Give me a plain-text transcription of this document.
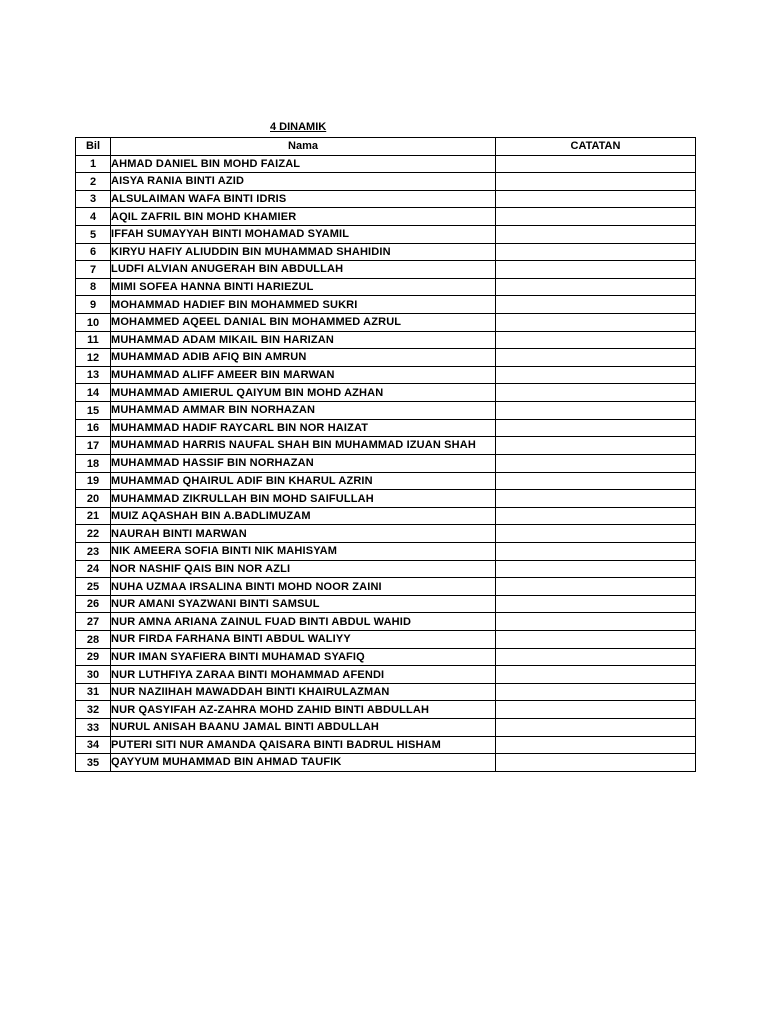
4 DINAMIK
Bil	Nama	CATATAN
1	AHMAD DANIEL BIN MOHD FAIZAL	
2	AISYA RANIA BINTI AZID	
3	ALSULAIMAN WAFA BINTI IDRIS	
4	AQIL ZAFRIL BIN MOHD KHAMIER	
5	IFFAH SUMAYYAH BINTI MOHAMAD SYAMIL	
6	KIRYU HAFIY ALIUDDIN BIN MUHAMMAD SHAHIDIN	
7	LUDFI ALVIAN ANUGERAH BIN ABDULLAH	
8	MIMI SOFEA HANNA BINTI HARIEZUL	
9	MOHAMMAD HADIEF BIN MOHAMMED SUKRI	
10	MOHAMMED AQEEL DANIAL BIN MOHAMMED AZRUL	
11	MUHAMMAD ADAM MIKAIL BIN HARIZAN	
12	MUHAMMAD ADIB AFIQ BIN AMRUN	
13	MUHAMMAD ALIFF AMEER BIN MARWAN	
14	MUHAMMAD AMIERUL QAIYUM BIN MOHD AZHAN	
15	MUHAMMAD AMMAR BIN NORHAZAN	
16	MUHAMMAD HADIF RAYCARL BIN NOR HAIZAT	
17	MUHAMMAD HARRIS NAUFAL SHAH BIN MUHAMMAD IZUAN SHAH	
18	MUHAMMAD HASSIF BIN NORHAZAN	
19	MUHAMMAD QHAIRUL ADIF BIN KHARUL AZRIN	
20	MUHAMMAD ZIKRULLAH BIN MOHD SAIFULLAH	
21	MUIZ AQASHAH BIN A.BADLIMUZAM	
22	NAURAH BINTI MARWAN	
23	NIK AMEERA SOFIA BINTI NIK MAHISYAM	
24	NOR NASHIF QAIS BIN NOR AZLI	
25	NUHA UZMAA IRSALINA BINTI MOHD NOOR ZAINI	
26	NUR AMANI SYAZWANI BINTI SAMSUL	
27	NUR AMNA ARIANA ZAINUL FUAD BINTI ABDUL WAHID	
28	NUR FIRDA FARHANA BINTI ABDUL WALIYY	
29	NUR IMAN SYAFIERA BINTI MUHAMAD SYAFIQ	
30	NUR LUTHFIYA ZARAA BINTI MOHAMMAD AFENDI	
31	NUR NAZIIHAH MAWADDAH BINTI KHAIRULAZMAN	
32	NUR QASYIFAH AZ-ZAHRA MOHD ZAHID BINTI ABDULLAH	
33	NURUL ANISAH BAANU JAMAL BINTI ABDULLAH	
34	PUTERI SITI NUR AMANDA QAISARA BINTI BADRUL HISHAM	
35	QAYYUM MUHAMMAD BIN AHMAD TAUFIK	
